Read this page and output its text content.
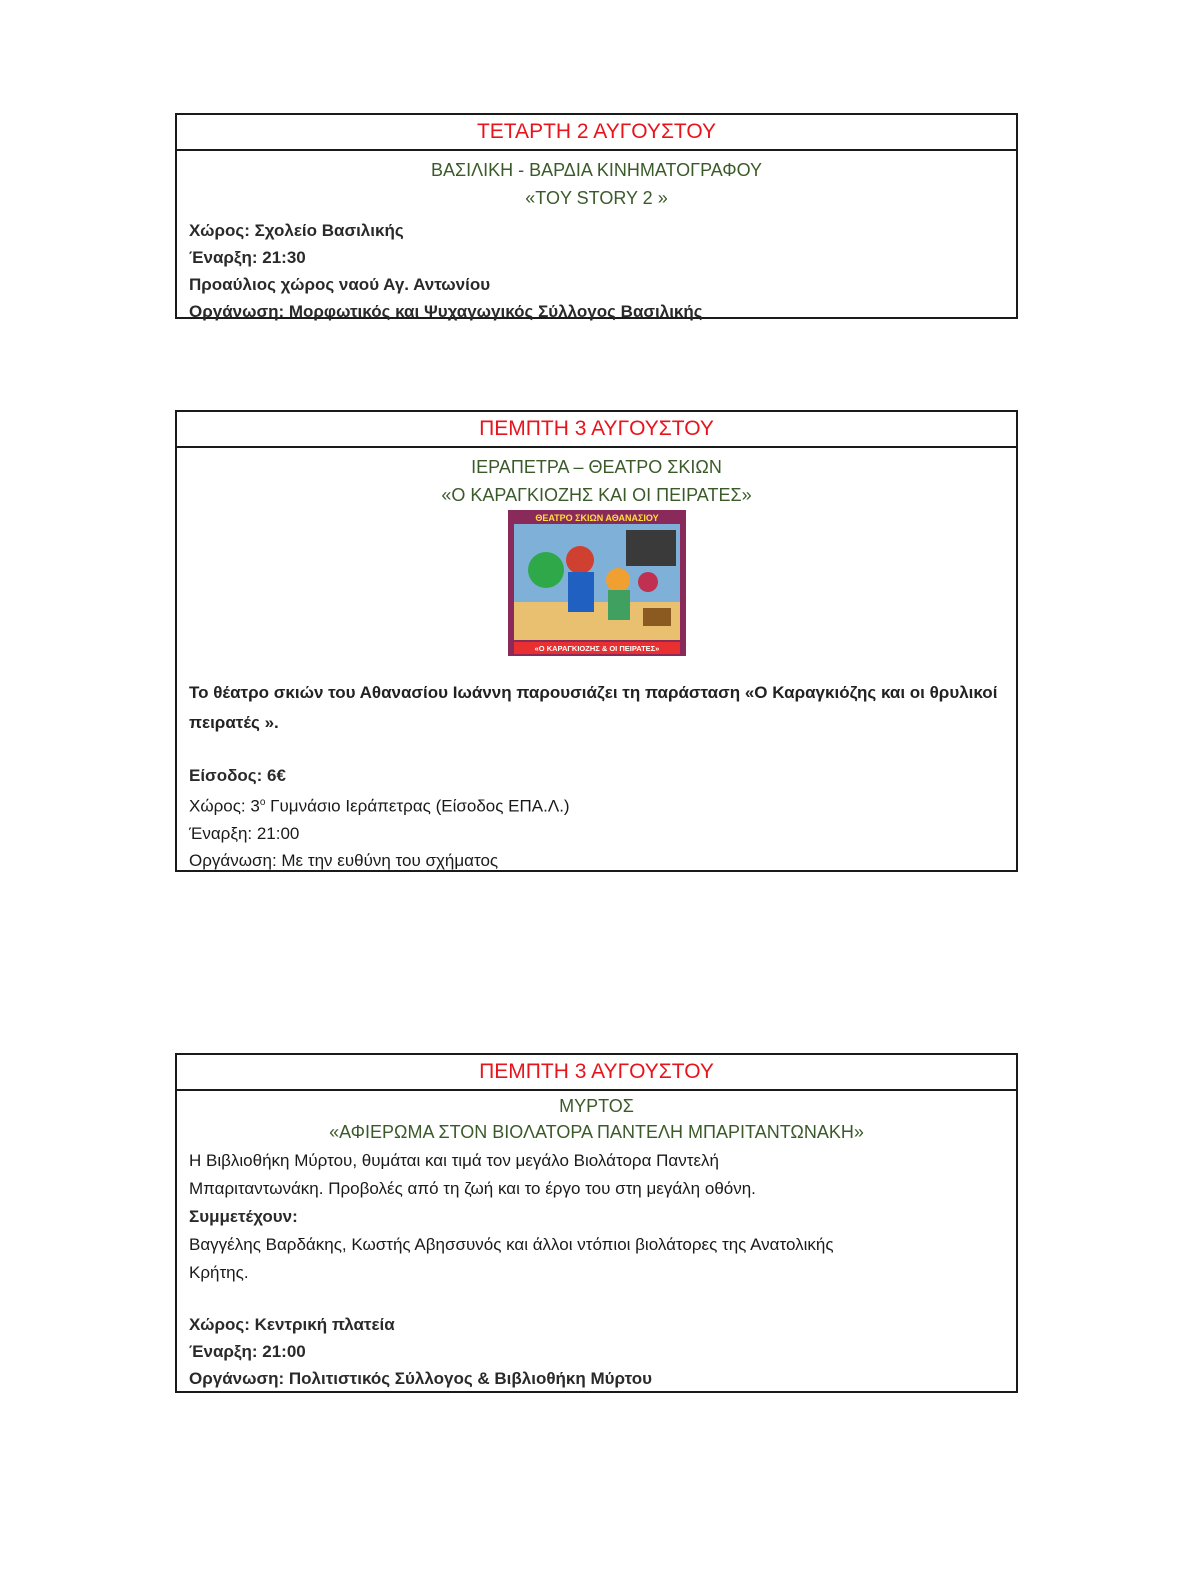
ΤΕΤΑΡΤΗ 2 ΑΥΓΟΥΣΤΟΥ
ΒΑΣΙΛΙΚΗ - ΒΑΡΔΙΑ ΚΙΝΗΜΑΤΟΓΡΑΦΟΥ
«TOY STORY 2 »
Χώρος: Σχολείο Βασιλικής
Έναρξη: 21:30
Προαύλιος χώρος ναού Αγ. Αντωνίου
Οργάνωση: Μορφωτικός και Ψυχαγωγικός Σύλλογος Βασιλικής
ΠΕΜΠΤΗ 3 ΑΥΓΟΥΣΤΟΥ
ΙΕΡΑΠΕΤΡΑ – ΘΕΑΤΡΟ ΣΚΙΩΝ
«Ο ΚΑΡΑΓΚΙΟΖΗΣ ΚΑΙ ΟΙ ΠΕΙΡΑΤΕΣ»
ΘΕΑΤΡΟ ΣΚΙΩΝ ΑΘΑΝΑΣΙΟΥ
«Ο ΚΑΡΑΓΚΙΟΖΗΣ & ΟΙ ΠΕΙΡΑΤΕΣ»
Το θέατρο σκιών του Αθανασίου Ιωάννη παρουσιάζει τη παράσταση «Ο Καραγκιόζης και οι θρυλικοί πειρατές ».
Είσοδος: 6€
Χώρος: $3^o$ Γυμνάσιο Ιεράπετρας (Είσοδος ΕΠΑ.Λ.)
Έναρξη: 21:00
Οργάνωση: Με την ευθύνη του σχήματος
ΠΕΜΠΤΗ 3 ΑΥΓΟΥΣΤΟΥ
ΜΥΡΤΟΣ
«ΑΦΙΕΡΩΜΑ ΣΤΟΝ ΒΙΟΛΑΤΟΡΑ ΠΑΝΤΕΛΗ ΜΠΑΡΙΤΑΝΤΩΝΑΚΗ»
Η Βιβλιοθήκη Μύρτου, θυμάται και τιμά τον μεγάλο Βιολάτορα Παντελή
Μπαριταντωνάκη. Προβολές από τη ζωή και το έργο του στη μεγάλη οθόνη.
Συμμετέχουν:
Βαγγέλης Βαρδάκης, Κωστής Αβησσυνός και άλλοι ντόπιοι βιολάτορες της Ανατολικής
Κρήτης.
Χώρος: Κεντρική πλατεία
Έναρξη: 21:00
Οργάνωση: Πολιτιστικός Σύλλογος & Βιβλιοθήκη Μύρτου
